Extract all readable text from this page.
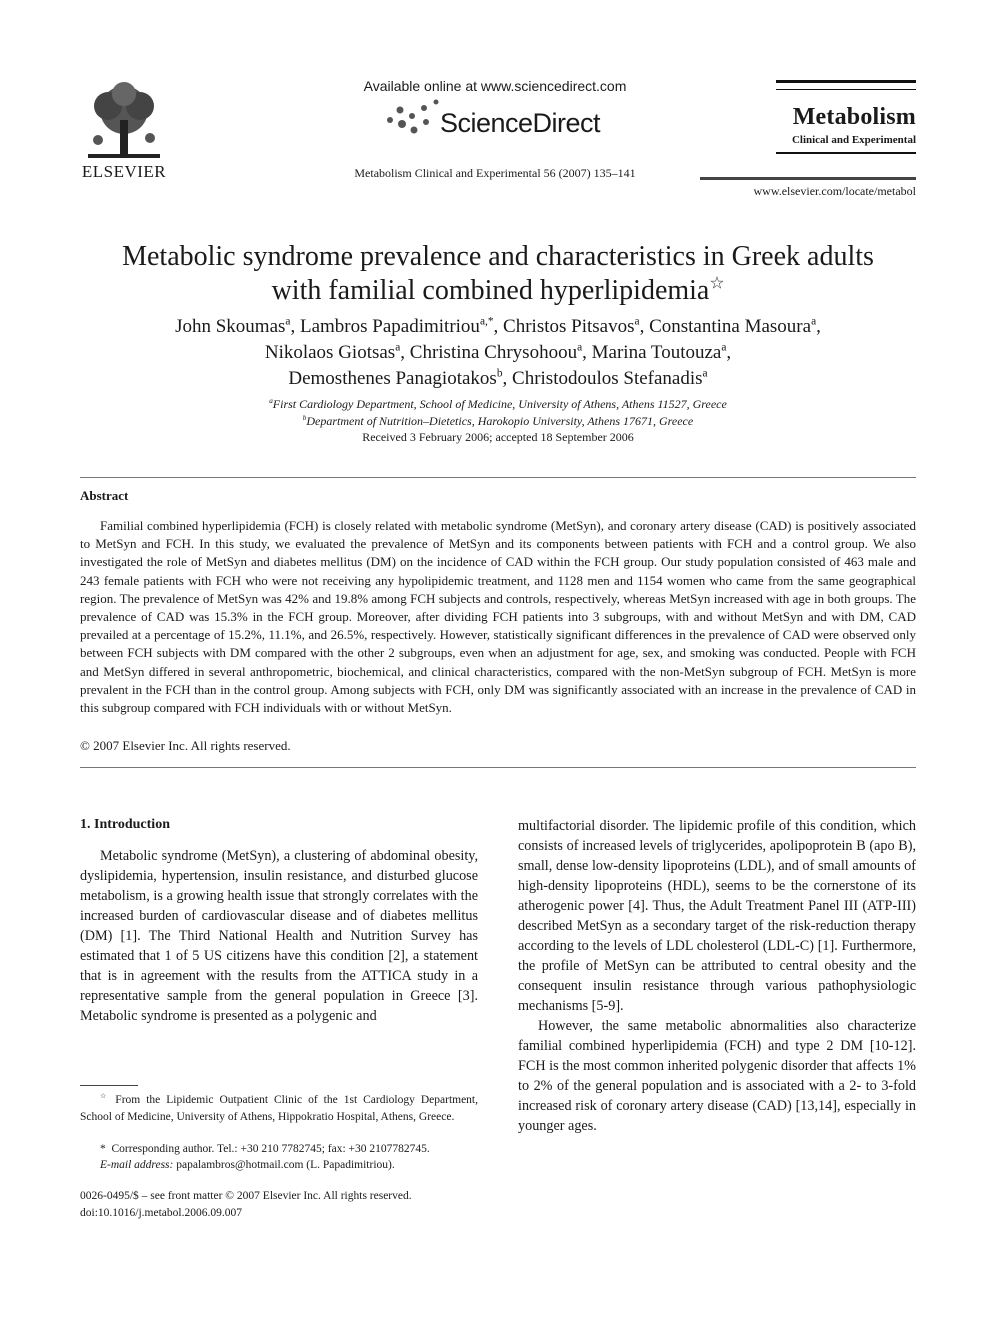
ELSEVIER
Available online at www.sciencedirect.com
ScienceDirect
Metabolism Clinical and Experimental 56 (2007) 135–141
Metabolism
Clinical and Experimental
www.elsevier.com/locate/metabol
Metabolic syndrome prevalence and characteristics in Greek adults
with familial combined hyperlipidemia☆
John Skoumas$^a$, Lambros Papadimitriou$^{a,*}$, Christos Pitsavos$^a$, Constantina Masoura$^a$,
Nikolaos Giotsas$^a$, Christina Chrysohoou$^a$, Marina Toutouza$^a$,
Demosthenes Panagiotakos$^b$, Christodoulos Stefanadis$^a$
$^a$First Cardiology Department, School of Medicine, University of Athens, Athens 11527, Greece
$^b$Department of Nutrition–Dietetics, Harokopio University, Athens 17671, Greece
Received 3 February 2006; accepted 18 September 2006
Abstract
Familial combined hyperlipidemia (FCH) is closely related with metabolic syndrome (MetSyn), and coronary artery disease (CAD) is positively associated to MetSyn and FCH. In this study, we evaluated the prevalence of MetSyn and its components between patients with FCH and a control group. We also investigated the role of MetSyn and diabetes mellitus (DM) on the incidence of CAD within the FCH group. Our study population consisted of 463 male and 243 female patients with FCH who were not receiving any hypolipidemic treatment, and 1128 men and 1154 women who came from the same geographical region. The prevalence of MetSyn was 42% and 19.8% among FCH subjects and controls, respectively, whereas MetSyn increased with age in both groups. The prevalence of CAD was 15.3% in the FCH group. Moreover, after dividing FCH patients into 3 subgroups, with and without MetSyn and with DM, CAD prevailed at a percentage of 15.2%, 11.1%, and 26.5%, respectively. However, statistically significant differences in the prevalence of CAD were observed only between FCH subjects with DM compared with the other 2 subgroups, even when an adjustment for age, sex, and smoking was conducted. People with FCH and MetSyn differed in several anthropometric, biochemical, and clinical characteristics, compared with the non-MetSyn subgroup of FCH. MetSyn is more prevalent in the FCH than in the control group. Among subjects with FCH, only DM was significantly associated with an increase in the prevalence of CAD in this subgroup compared with FCH individuals with or without MetSyn.
© 2007 Elsevier Inc. All rights reserved.
1. Introduction
Metabolic syndrome (MetSyn), a clustering of abdominal obesity, dyslipidemia, hypertension, insulin resistance, and disturbed glucose metabolism, is a growing health issue that strongly correlates with the increased burden of cardiovascular disease and of diabetes mellitus (DM) [1]. The Third National Health and Nutrition Survey has estimated that 1 of 5 US citizens have this condition [2], a statement that is in agreement with the results from the ATTICA study in a representative sample from the general population in Greece [3]. Metabolic syndrome is presented as a polygenic and

multifactorial disorder. The lipidemic profile of this condition, which consists of increased levels of triglycerides, apolipoprotein B (apo B), small, dense low-density lipoproteins (LDL), and of small amounts of high-density lipoproteins (HDL), seems to be the cornerstone of its atherogenic power [4]. Thus, the Adult Treatment Panel III (ATP-III) described MetSyn as a secondary target of the risk-reduction therapy according to the levels of LDL cholesterol (LDL-C) [1]. Furthermore, the profile of MetSyn can be attributed to central obesity and the consequent insulin resistance through various pathophysiologic mechanisms [5-9].

However, the same metabolic abnormalities also characterize familial combined hyperlipidemia (FCH) and type 2 DM [10-12]. FCH is the most common inherited polygenic disorder that affects 1% to 2% of the general population and is associated with a 2- to 3-fold increased risk of coronary artery disease (CAD) [13,14], especially in younger ages.

☆ From the Lipidemic Outpatient Clinic of the 1st Cardiology Department, School of Medicine, University of Athens, Hippokratio Hospital, Athens, Greece.
* Corresponding author. Tel.: +30 210 7782745; fax: +30 2107782745.
E-mail address: papalambros@hotmail.com (L. Papadimitriou).
0026-0495/$ – see front matter © 2007 Elsevier Inc. All rights reserved.
doi:10.1016/j.metabol.2006.09.007
